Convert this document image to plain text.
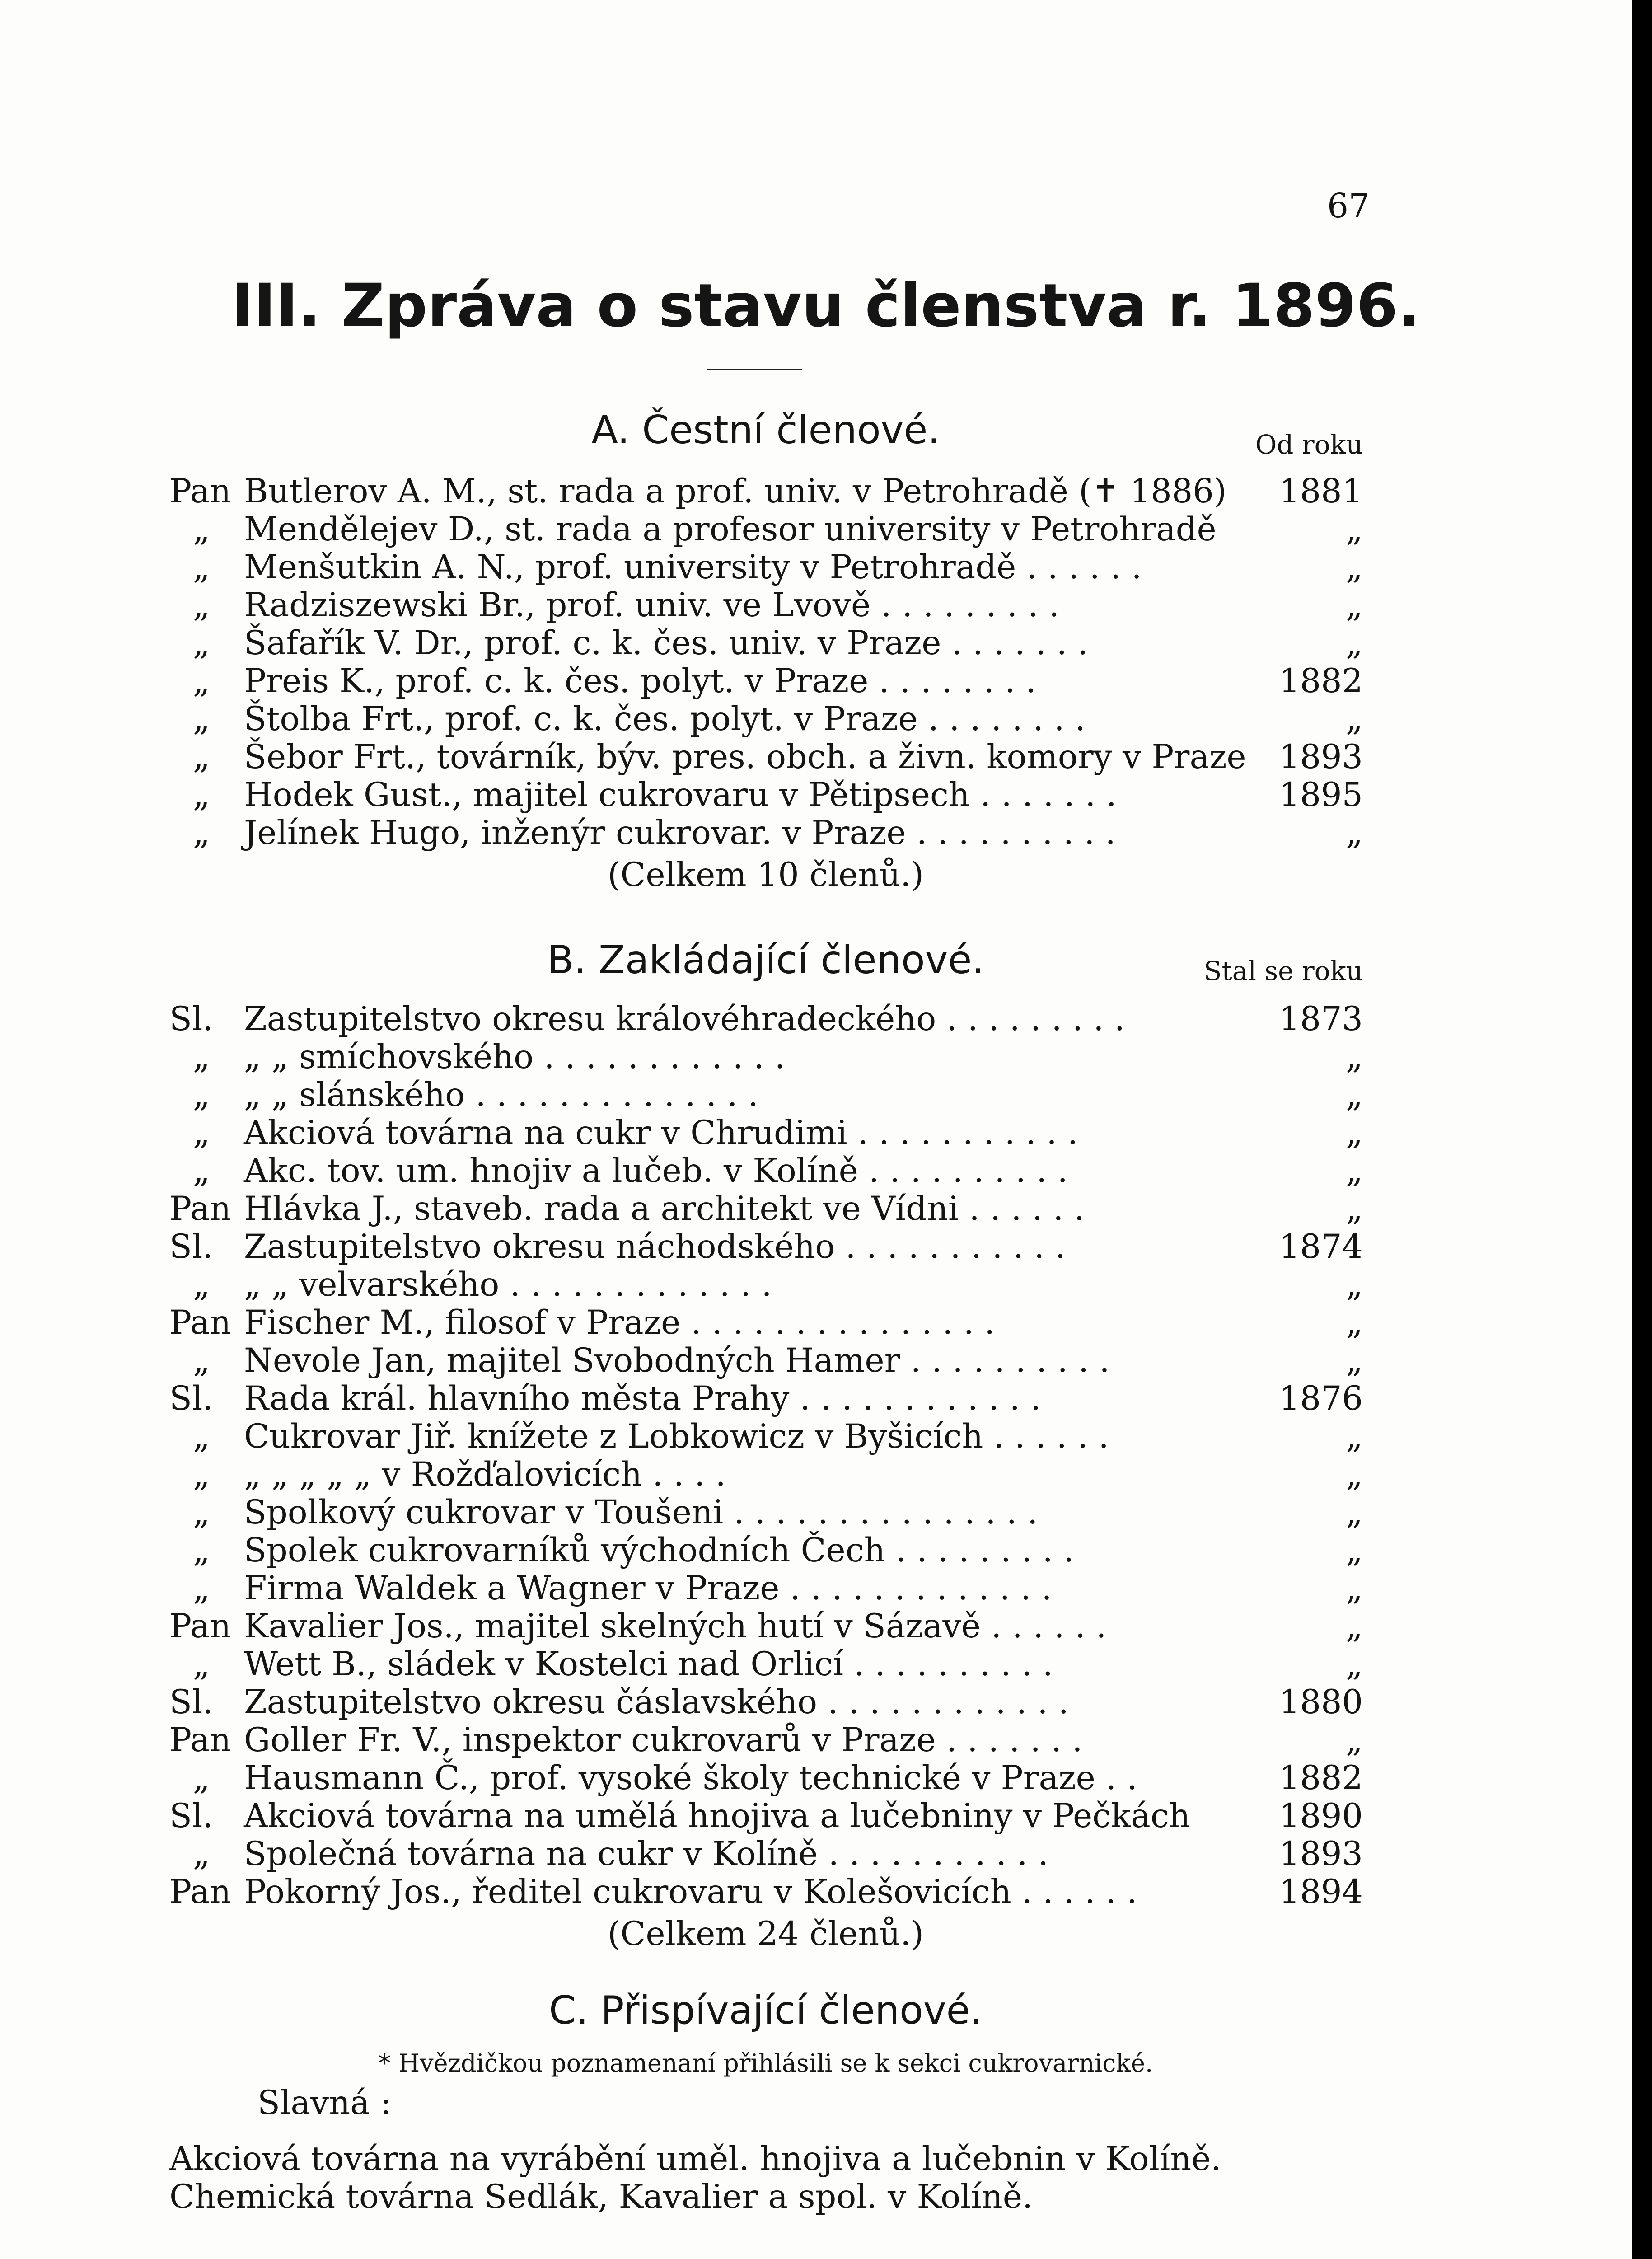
67
III. Zpráva o stavu členstva r. 1896.
A. Čestní členové.	Od roku
Pan Butlerov A. M., st. rada a prof. univ. v Petrohradě (✝ 1886) 1881
„ Mendělejev D., st. rada a profesor university v Petrohradě	„
„ Menšutkin A. N., prof. university v Petrohradě . . . . . .	„
„ Radziszewski Br., prof. univ. ve Lvově . . . . . . . . .	„
„ Šafařík V. Dr., prof. c. k. čes. univ. v Praze . . . . . . .	„
„ Preis K., prof. c. k. čes. polyt. v Praze . . . . . . . .	1882
„ Štolba Frt., prof. c. k. čes. polyt. v Praze . . . . . . . .	„
„ Šebor Frt., továrník, býv. pres. obch. a živn. komory v Praze 1893
„ Hodek Gust., majitel cukrovaru v Pětipsech . . . . . . .	1895
„ Jelínek Hugo, inženýr cukrovar. v Praze . . . . . . . . . .	„
(Celkem 10 členů.)
B. Zakládající členové.	Stal se roku
Sl. Zastupitelstvo okresu královéhradeckého . . . . . . . . .	1873
„ „ „ smíchovského . . . . . . . . . . . .	„
„ „ „ slánského . . . . . . . . . . . . . .	„
„ Akciová továrna na cukr v Chrudimi . . . . . . . . . . .	„
„ Akc. tov. um. hnojiv a lučeb. v Kolíně . . . . . . . . . .	„
Pan Hlávka J., staveb. rada a architekt ve Vídni . . . . . .	„
Sl. Zastupitelstvo okresu náchodského . . . . . . . . . . .	1874
„ „ „ velvarského . . . . . . . . . . . . .	„
Pan Fischer M., filosof v Praze . . . . . . . . . . . . . . .	„
„ Nevole Jan, majitel Svobodných Hamer . . . . . . . . . .	„
Sl. Rada král. hlavního města Prahy . . . . . . . . . . . .	1876
„ Cukrovar Jiř. knížete z Lobkowicz v Byšicích . . . . . .	„
„ „ „ „ „ „ v Rožďalovicích . . . .	„
„ Spolkový cukrovar v Toušeni . . . . . . . . . . . . . . .	„
„ Spolek cukrovarníků východních Čech . . . . . . . . .	„
„ Firma Waldek a Wagner v Praze . . . . . . . . . . . . .	„
Pan Kavalier Jos., majitel skelných hutí v Sázavě . . . . . .	„
„ Wett B., sládek v Kostelci nad Orlicí . . . . . . . . . .	„
Sl. Zastupitelstvo okresu čáslavského . . . . . . . . . . . .	1880
Pan Goller Fr. V., inspektor cukrovarů v Praze . . . . . . .	„
„ Hausmann Č., prof. vysoké školy technické v Praze . .	1882
Sl. Akciová továrna na umělá hnojiva a lučebniny v Pečkách	1890
„ Společná továrna na cukr v Kolíně . . . . . . . . . . .	1893
Pan Pokorný Jos., ředitel cukrovaru v Kolešovicích . . . . . .	1894
(Celkem 24 členů.)
C. Přispívající členové.
* Hvězdičkou poznamenaní přihlásili se k sekci cukrovarnické.
Slavná :
Akciová továrna na vyrábění uměl. hnojiva a lučebnin v Kolíně.
Chemická továrna Sedlák, Kavalier a spol. v Kolíně.
